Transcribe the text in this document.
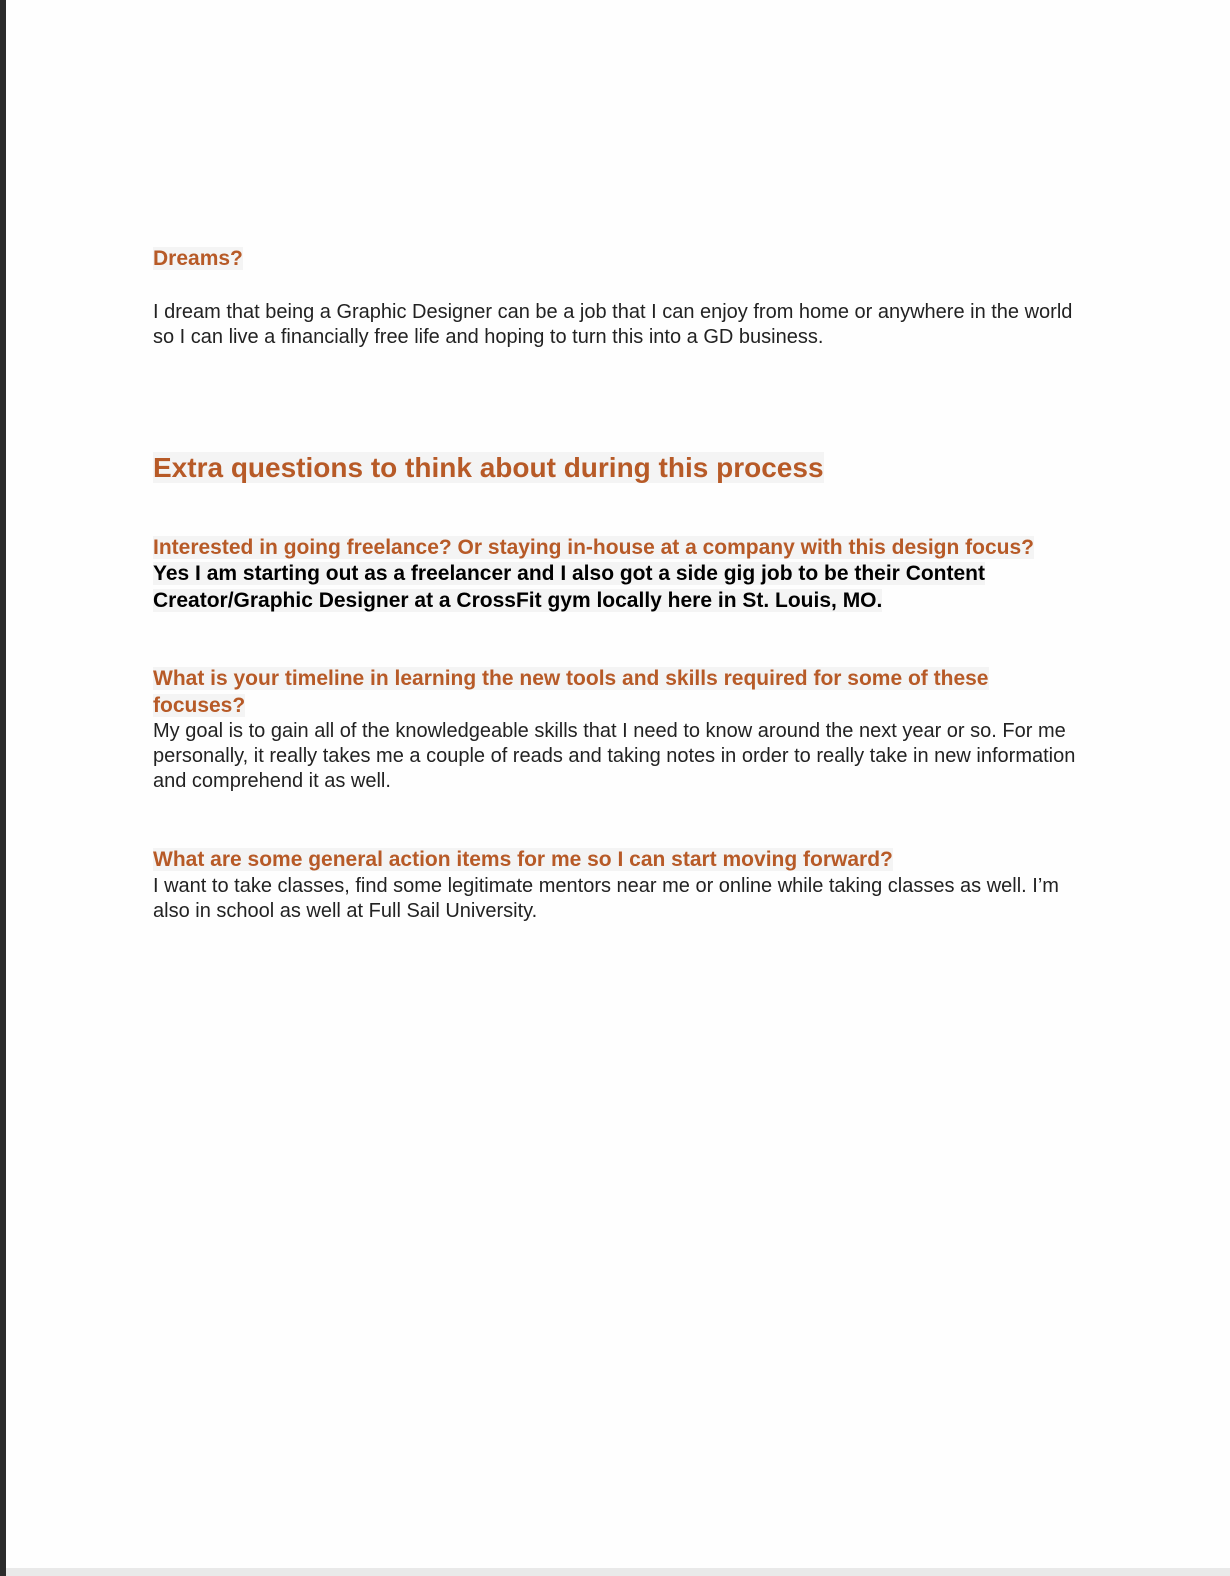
Dreams?

I dream that being a Graphic Designer can be a job that I can enjoy from home or anywhere in the world so I can live a financially free life and hoping to turn this into a GD business.

Extra questions to think about during this process

Interested in going freelance? Or staying in-house at a company with this design focus?

Yes I am starting out as a freelancer and I also got a side gig job to be their Content Creator/Graphic Designer at a CrossFit gym locally here in St. Louis, MO.

What is your timeline in learning the new tools and skills required for some of these focuses?

My goal is to gain all of the knowledgeable skills that I need to know around the next year or so. For me personally, it really takes me a couple of reads and taking notes in order to really take in new information and comprehend it as well.

What are some general action items for me so I can start moving forward?

I want to take classes, find some legitimate mentors near me or online while taking classes as well. I’m also in school as well at Full Sail University.
